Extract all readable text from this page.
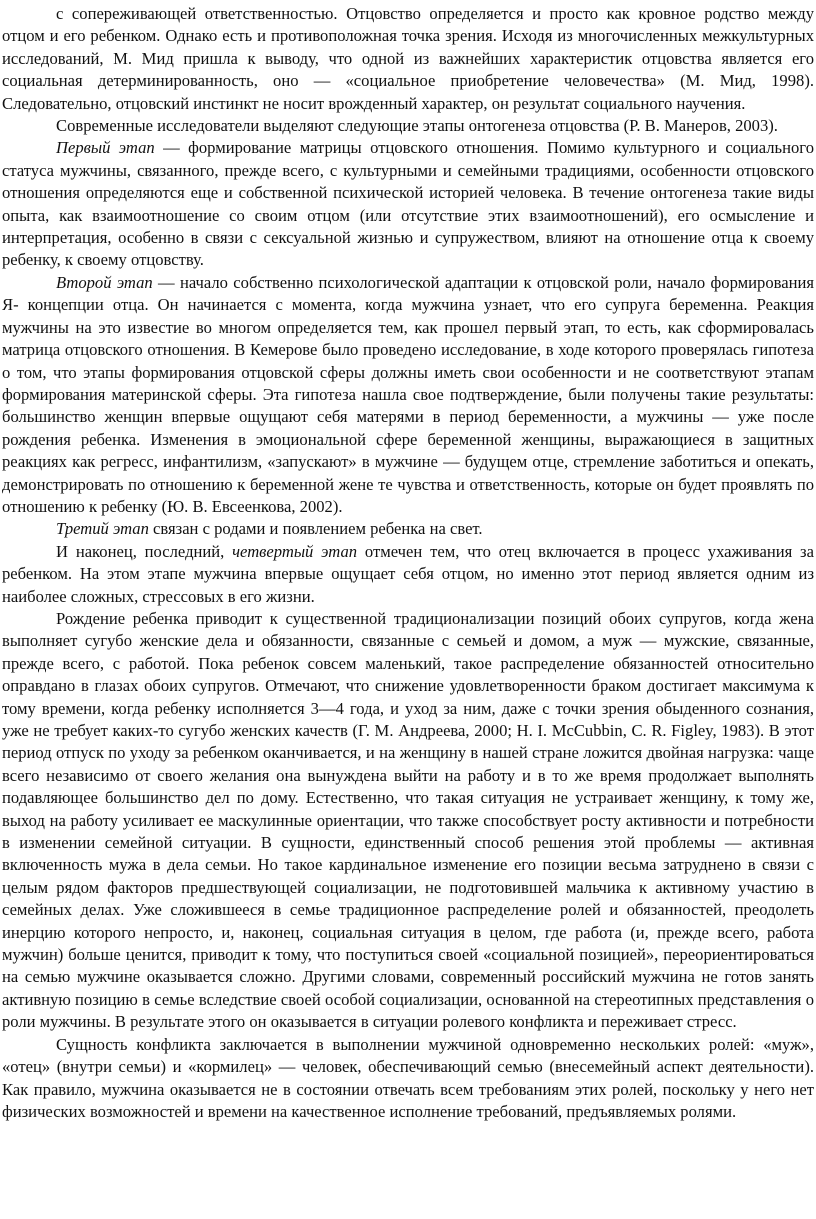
с сопереживающей ответственностью. Отцовство определяется и просто как кровное родство между отцом и его ребенком. Однако есть и противоположная точка зрения. Исходя из многочисленных межкультурных исследований, М. Мид пришла к выводу, что одной из важнейших характеристик отцовства является его социальная детерминированность, оно — «социальное приобретение человечества» (М. Мид, 1998). Следовательно, отцовский инстинкт не носит врожденный характер, он результат социального научения.

Современные исследователи выделяют следующие этапы онтогенеза отцовства (Р. В. Манеров, 2003).

Первый этап — формирование матрицы отцовского отношения. Помимо культурного и социального статуса мужчины, связанного, прежде всего, с культурными и семейными традициями, особенности отцовского отношения определяются еще и собственной психической историей человека. В течение онтогенеза такие виды опыта, как взаимоотношение со своим отцом (или отсутствие этих взаимоотношений), его осмысление и интерпретация, особенно в связи с сексуальной жизнью и супружеством, влияют на отношение отца к своему ребенку, к своему отцовству.

Второй этап — начало собственно психологической адаптации к отцовской роли, начало формирования Я- концепции отца. Он начинается с момента, когда мужчина узнает, что его супруга беременна. Реакция мужчины на это известие во многом определяется тем, как прошел первый этап, то есть, как сформировалась матрица отцовского отношения. В Кемерове было проведено исследование, в ходе которого проверялась гипотеза о том, что этапы формирования отцовской сферы должны иметь свои особенности и не соответствуют этапам формирования материнской сферы. Эта гипотеза нашла свое подтверждение, были получены такие результаты: большинство женщин впервые ощущают себя матерями в период беременности, а мужчины — уже после рождения ребенка. Изменения в эмоциональной сфере беременной женщины, выражающиеся в защитных реакциях как регресс, инфантилизм, «запускают» в мужчине — будущем отце, стремление заботиться и опекать, демонстрировать по отношению к беременной жене те чувства и ответственность, которые он будет проявлять по отношению к ребенку (Ю. В. Евсеенкова, 2002).

Третий этап связан с родами и появлением ребенка на свет.

И наконец, последний, четвертый этап отмечен тем, что отец включается в процесс ухаживания за ребенком. На этом этапе мужчина впервые ощущает себя отцом, но именно этот период является одним из наиболее сложных, стрессовых в его жизни.

Рождение ребенка приводит к существенной традиционализации позиций обоих супругов, когда жена выполняет сугубо женские дела и обязанности, связанные с семьей и домом, а муж — мужские, связанные, прежде всего, с работой. Пока ребенок совсем маленький, такое распределение обязанностей относительно оправдано в глазах обоих супругов. Отмечают, что снижение удовлетворенности браком достигает максимума к тому времени, когда ребенку исполняется 3—4 года, и уход за ним, даже с точки зрения обыденного сознания, уже не требует каких-то сугубо женских качеств (Г. М. Андреева, 2000; H. I. McCubbin, C. R. Figley, 1983). В этот период отпуск по уходу за ребенком оканчивается, и на женщину в нашей стране ложится двойная нагрузка: чаще всего независимо от своего желания она вынуждена выйти на работу и в то же время продолжает выполнять подавляющее большинство дел по дому. Естественно, что такая ситуация не устраивает женщину, к тому же, выход на работу усиливает ее маскулинные ориентации, что также способствует росту активности и потребности в изменении семейной ситуации. В сущности, единственный способ решения этой проблемы — активная включенность мужа в дела семьи. Но такое кардинальное изменение его позиции весьма затруднено в связи с целым рядом факторов предшествующей социализации, не подготовившей мальчика к активному участию в семейных делах. Уже сложившееся в семье традиционное распределение ролей и обязанностей, преодолеть инерцию которого непросто, и, наконец, социальная ситуация в целом, где работа (и, прежде всего, работа мужчин) больше ценится, приводит к тому, что поступиться своей «социальной позицией», переориентироваться на семью мужчине оказывается сложно. Другими словами, современный российский мужчина не готов занять активную позицию в семье вследствие своей особой социализации, основанной на стереотипных представления о роли мужчины. В результате этого он оказывается в ситуации ролевого конфликта и переживает стресс.

Сущность конфликта заключается в выполнении мужчиной одновременно нескольких ролей: «муж», «отец» (внутри семьи) и «кормилец» — человек, обеспечивающий семью (внесемейный аспект деятельности). Как правило, мужчина оказывается не в состоянии отвечать всем требованиям этих ролей, поскольку у него нет физических возможностей и времени на качественное исполнение требований, предъявляемых ролями.
